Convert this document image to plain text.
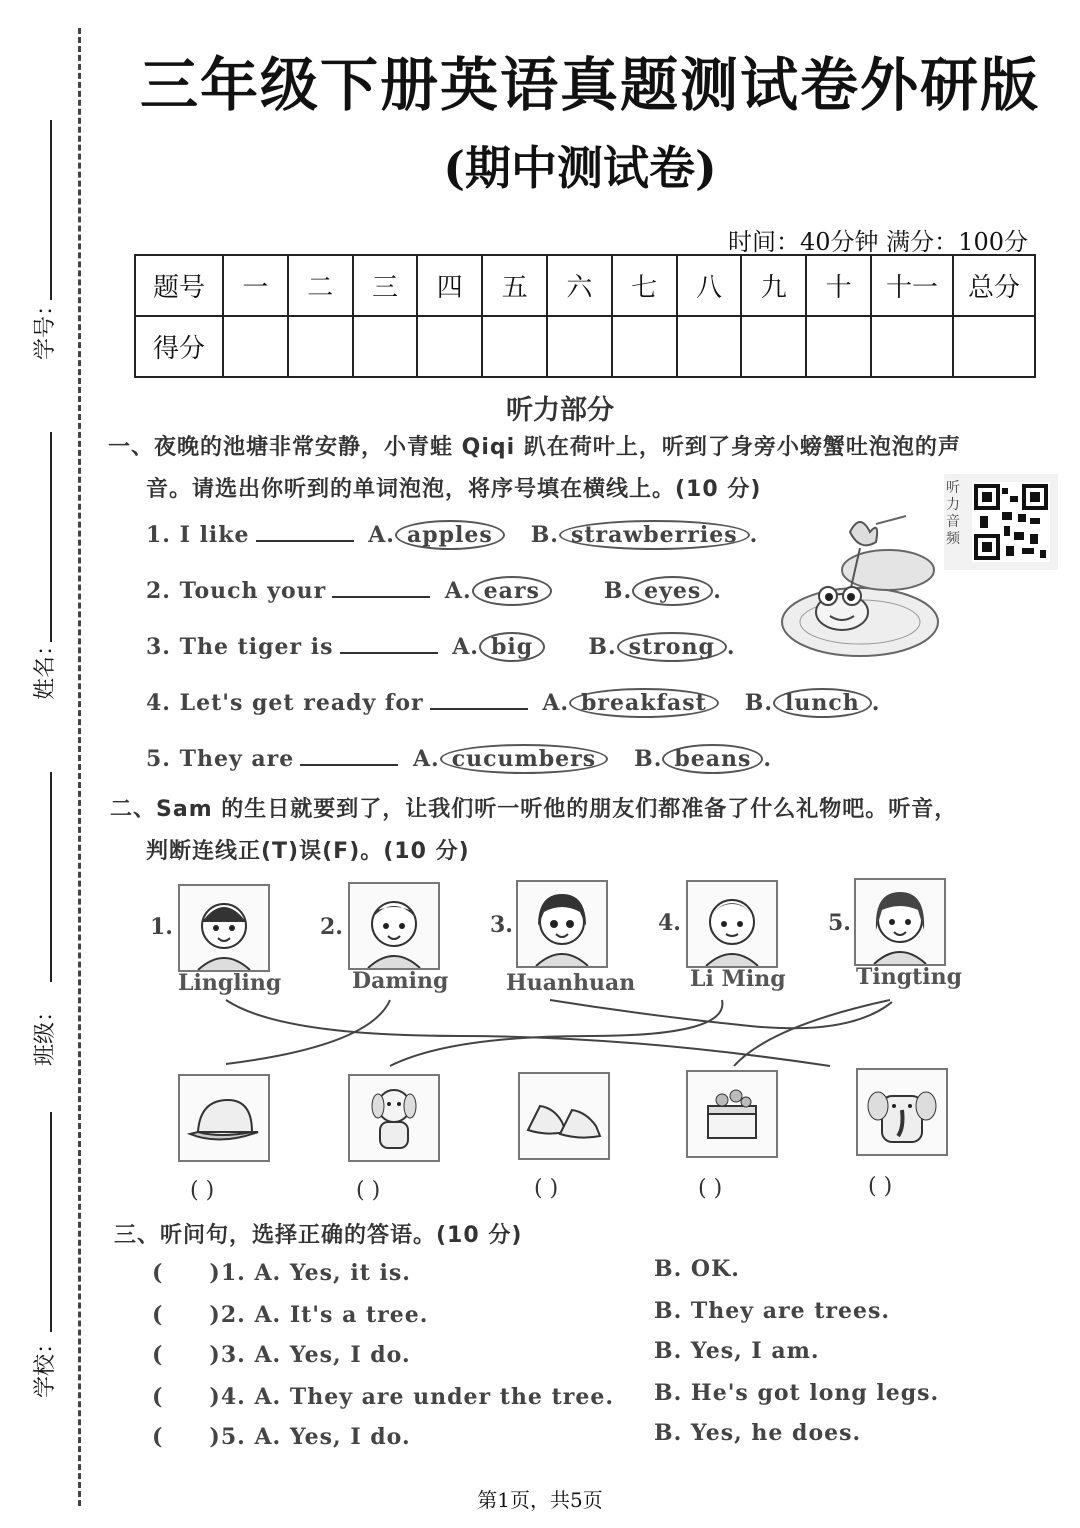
学号：
姓名：
班级：
学校：
三年级下册英语真题测试卷外研版
(期中测试卷)
时间：40分钟 满分：100分
题号	一	二	三	四	五	六	七	八	九	十	十一	总分
得分												
听力部分
一、夜晚的池塘非常安静，小青蛙 Qiqi 趴在荷叶上，听到了身旁小螃蟹吐泡泡的声
音。请选出你听到的单词泡泡，将序号填在横线上。(10 分)	听力音频
1. I like	A. apples B. strawberries .
2. Touch your	A. ears	B. eyes .
3. The tiger is	A. big	B. strong .
4. Let's get ready for	A. breakfast B. lunch .
5. They are	A. cucumbers B. beans .
二、Sam 的生日就要到了，让我们听一听他的朋友们都准备了什么礼物吧。听音，
判断连线正(T)误(F)。(10 分)
1.
Lingling
2.
Daming
3.
Huanhuan
4.
Li Ming
5.
Tingting
( )	( )	( )	( )	( )
三、听问句，选择正确的答语。(10 分)
( )1. A. Yes, it is.	B. OK.
( )2. A. It's a tree.	B. They are trees.
( )3. A. Yes, I do.	B. Yes, I am.
( )4. A. They are under the tree. B. He's got long legs.
( )5. A. Yes, I do.	B. Yes, he does.
第1页，共5页
